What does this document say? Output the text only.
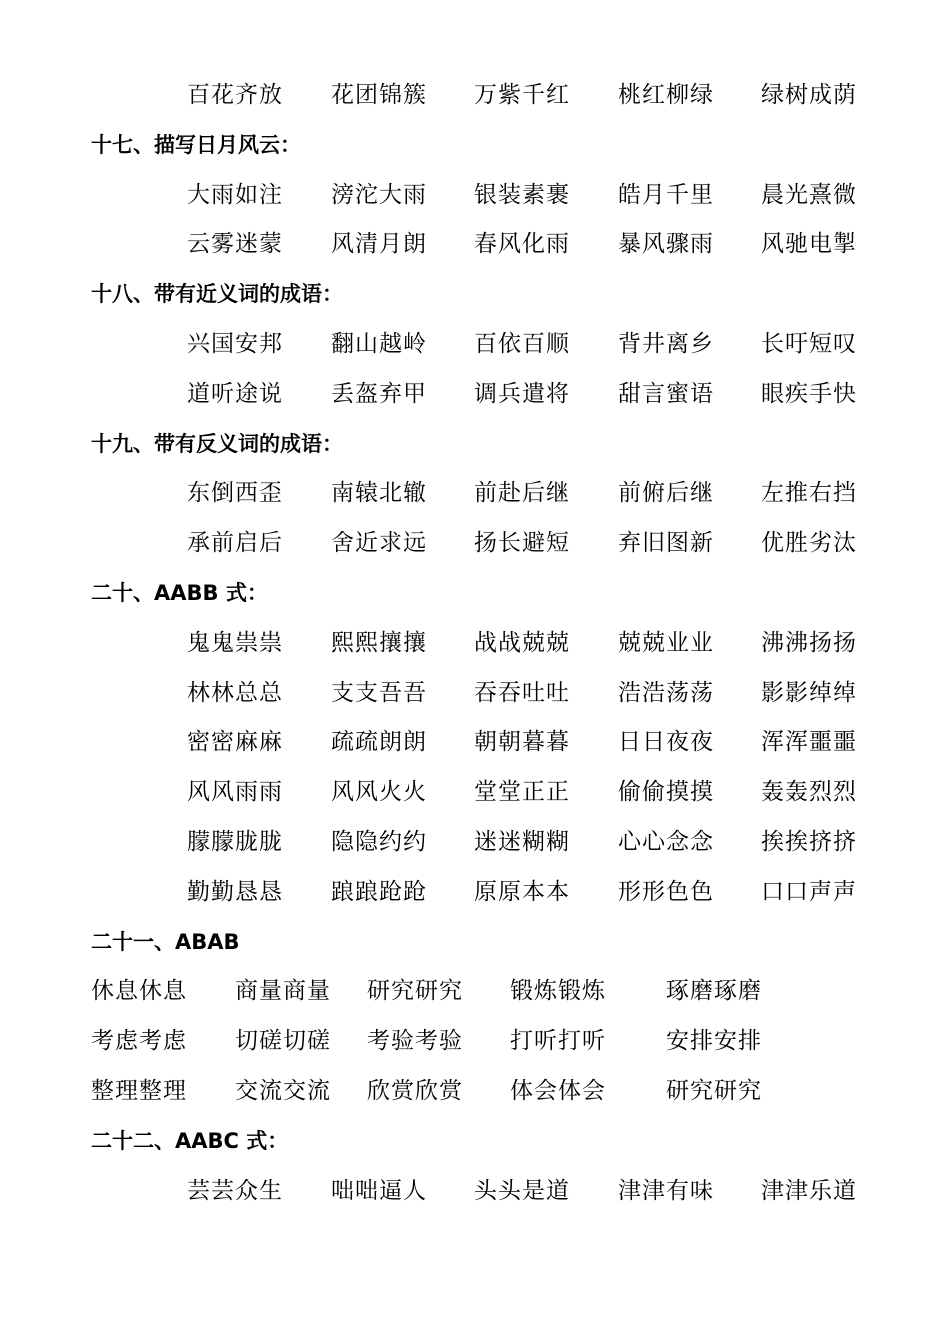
百花齐放 花团锦簇 万紫千红 桃红柳绿 绿树成荫
十七、描写日月风云：
大雨如注 滂沱大雨 银装素裹 皓月千里 晨光熹微
云雾迷蒙 风清月朗 春风化雨 暴风骤雨 风驰电掣
十八、带有近义词的成语：
兴国安邦 翻山越岭 百依百顺 背井离乡 长吁短叹
道听途说 丢盔弃甲 调兵遣将 甜言蜜语 眼疾手快
十九、带有反义词的成语：
东倒西歪 南辕北辙 前赴后继 前俯后继 左推右挡
承前启后 舍近求远 扬长避短 弃旧图新 优胜劣汰
二十、AABB 式：
鬼鬼祟祟 熙熙攘攘 战战兢兢 兢兢业业 沸沸扬扬
林林总总 支支吾吾 吞吞吐吐 浩浩荡荡 影影绰绰
密密麻麻 疏疏朗朗 朝朝暮暮 日日夜夜 浑浑噩噩
风风雨雨 风风火火 堂堂正正 偷偷摸摸 轰轰烈烈
朦朦胧胧 隐隐约约 迷迷糊糊 心心念念 挨挨挤挤
勤勤恳恳 踉踉跄跄 原原本本 形形色色 口口声声
二十一、ABAB
休息休息 商量商量 研究研究 锻炼锻炼	琢磨琢磨
考虑考虑 切磋切磋 考验考验 打听打听	安排安排
整理整理 交流交流 欣赏欣赏 体会体会	研究研究
二十二、AABC 式：
芸芸众生 咄咄逼人 头头是道 津津有味 津津乐道
